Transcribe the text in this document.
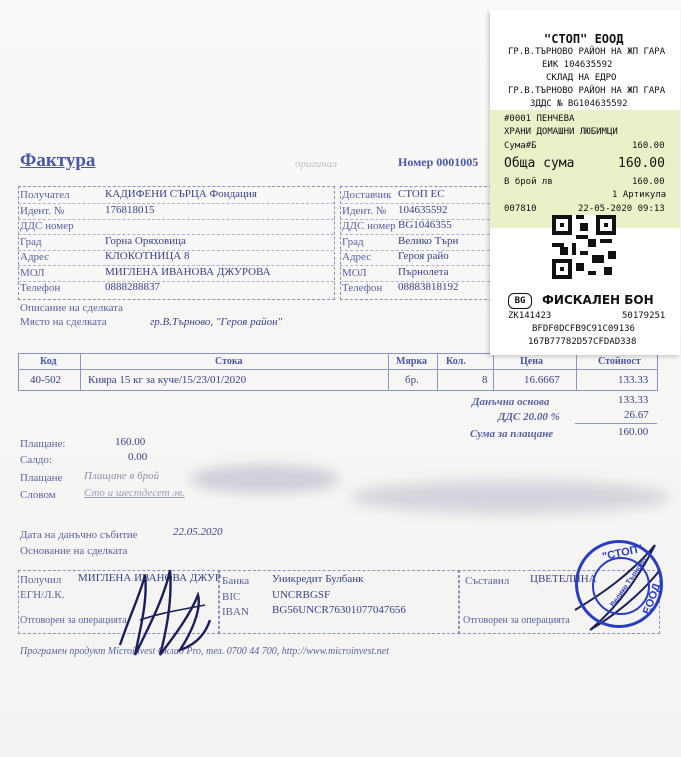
Фактура	оригинал	Номер 0001005
Получател	КАДИФЕНИ СЪРЦА Фондация
Идент. №	176818015
ДДС номер
Град	Горна Оряховица
Адрес	КЛОКОТНИЦА 8
МОЛ	МИГЛЕНА ИВАНОВА ДЖУРОВА
Телефон	0888288837
Доставчик СТОП ЕС
Идент. № 104635592
ДДС номер BG1046355
Град	Велико Търн
Адрес Героя райо
МОЛ	Пърнолета
Телефон 08883818192
Описание на сделката
Място на сделката	гр.В.Търново, "Героя район"
Код	Стока	Мярка Кол.	Цена	Стойност
40-502 Кияра 15 кг за куче/15/23/01/2020	бр.	8	16.6667	133.33
Данъчна основа	133.33
ДДС 20.00 %	26.67
Сума за плащане	160.00
Плащане:	160.00
Салдо:	0.00
Плащане Плащане в брой
Словом	Сто и шестдесет лв.
Дата на данъчно събитие	22.05.2020
Основание на сделката
Получил МИГЛЕНА ИВАНОВА ДЖУР
ЕГН/Л.К.
Отговорен за операцията
Банка Уникредит Булбанк
BIC	UNCRBGSF
IBAN BG56UNCR76301077047656
Съставил ЦВЕТЕЛИНА
Отговорен за операцията
Програмен продукт Microinvest Склад Pro, тел. 0700 44 700, http://www.microinvest.net
"СТОП"
Велико Търново
ЕООД
"СТОП" ЕООД
ГР.В.ТЪРНОВО РАЙОН НА ЖП ГАРА
ЕИК 104635592
СКЛАД НА ЕДРО
ГР.В.ТЪРНОВО РАЙОН НА ЖП ГАРА
ЗДДС № BG104635592
#0001 ПЕНЧЕВА
ХРАНИ ДОМАШНИ ЛЮБИМЦИ
Сума#Б	160.00
Обща сума	160.00
В брой лв	160.00
1 Артикула
007810	22-05-2020 09:13
BG	ФИСКАЛЕН БОН
ZK141423	50179251
BFDF0DCFB9C91C09136
167B77782D57CFDAD338
